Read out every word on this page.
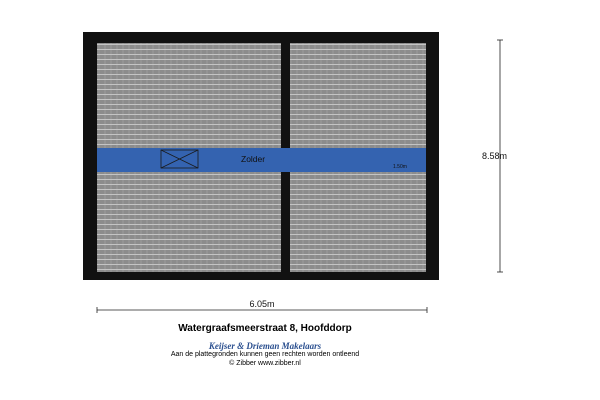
Zolder
1.50m
8.58m
6.05m
Watergraafsmeerstraat 8, Hoofddorp
Keijser & Drieman Makelaars
Aan de plattegronden kunnen geen rechten worden ontleend
© Zibber www.zibber.nl
